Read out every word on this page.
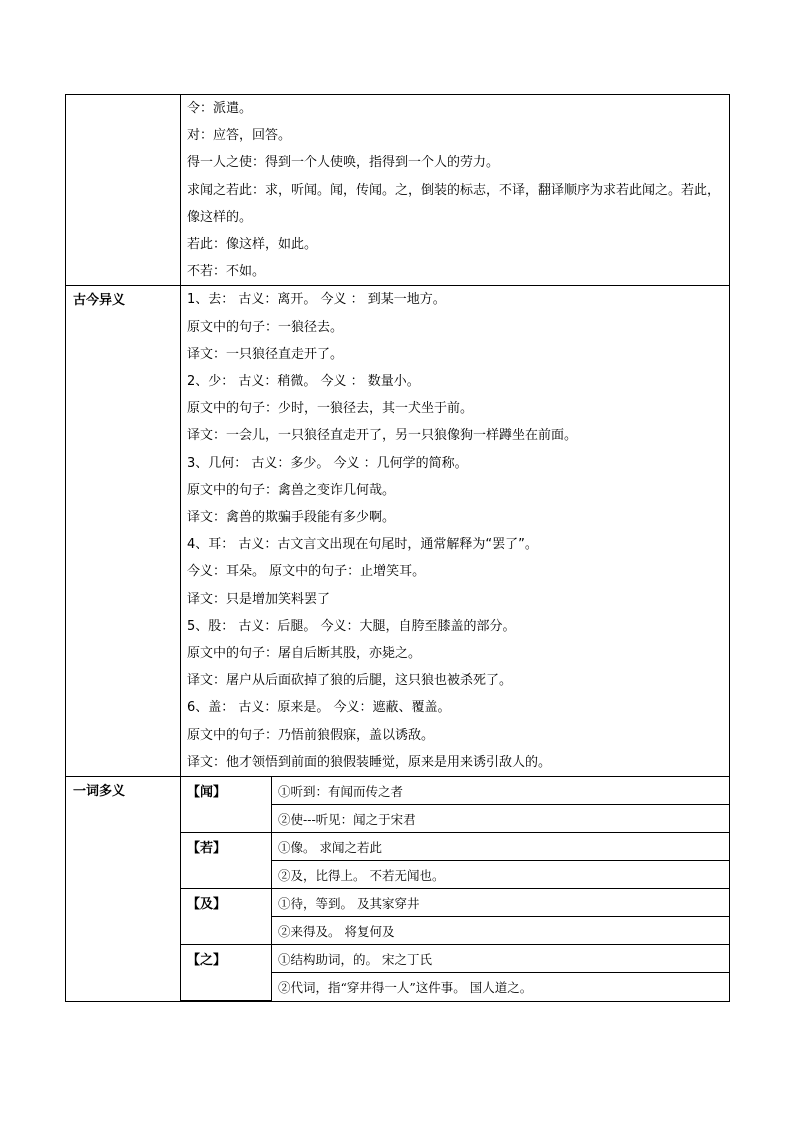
令：派遣。
对：应答，回答。
得一人之使：得到一个人使唤，指得到一个人的劳力。
求闻之若此：求，听闻。闻，传闻。之，倒装的标志，不译，翻译顺序为求若此闻之。若此，像这样的。
若此：像这样，如此。
不若：不如。

古今异义	1、去： 古义：离开。 今义 ： 到某一地方。
原文中的句子：一狼径去。
译文：一只狼径直走开了。
2、少： 古义：稍微。 今义 ： 数量小。
原文中的句子：少时，一狼径去，其一犬坐于前。
译文：一会儿，一只狼径直走开了，另一只狼像狗一样蹲坐在前面。
3、几何： 古义：多少。 今义 ：几何学的简称。
原文中的句子：禽兽之变诈几何哉。
译文：禽兽的欺骗手段能有多少啊。
4、耳： 古义：古文言文出现在句尾时，通常解释为“罢了”。
今义：耳朵。 原文中的句子：止增笑耳。
译文：只是增加笑料罢了
5、股： 古义：后腿。 今义：大腿，自胯至膝盖的部分。
原文中的句子：屠自后断其股，亦毙之。
译文：屠户从后面砍掉了狼的后腿，这只狼也被杀死了。
6、盖： 古义：原来是。 今义：遮蔽、覆盖。
原文中的句子：乃悟前狼假寐，盖以诱敌。
译文：他才领悟到前面的狼假装睡觉，原来是用来诱引敌人的。

一词多义		【闻】	①听到：有闻而传之者
②使---听见：闻之于宋君
【若】	①像。 求闻之若此
②及，比得上。 不若无闻也。
【及】	①待，等到。 及其家穿井
②来得及。 将复何及
【之】	①结构助词，的。 宋之丁氏
②代词，指“穿井得一人”这件事。 国人道之。
